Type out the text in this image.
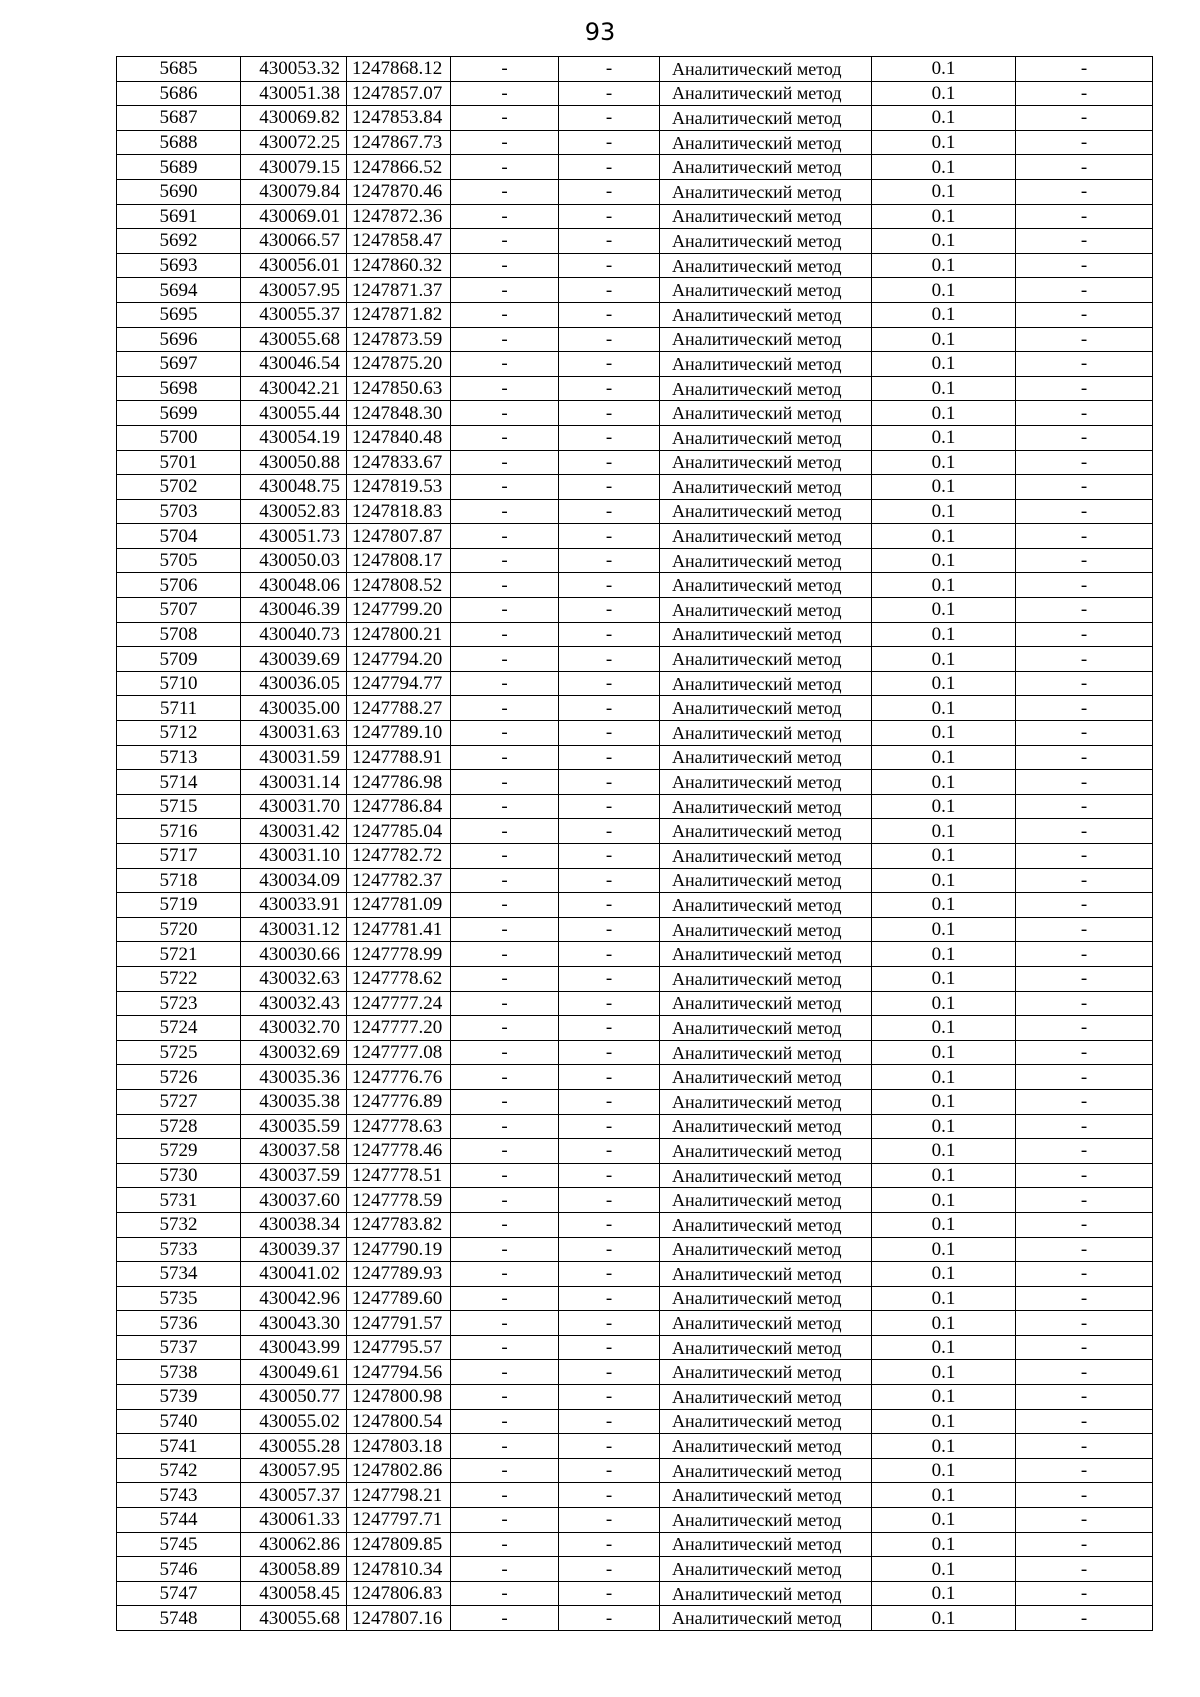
93
5685	430053.32	1247868.12	-	-	Аналитический метод	0.1	-
5686	430051.38	1247857.07	-	-	Аналитический метод	0.1	-
5687	430069.82	1247853.84	-	-	Аналитический метод	0.1	-
5688	430072.25	1247867.73	-	-	Аналитический метод	0.1	-
5689	430079.15	1247866.52	-	-	Аналитический метод	0.1	-
5690	430079.84	1247870.46	-	-	Аналитический метод	0.1	-
5691	430069.01	1247872.36	-	-	Аналитический метод	0.1	-
5692	430066.57	1247858.47	-	-	Аналитический метод	0.1	-
5693	430056.01	1247860.32	-	-	Аналитический метод	0.1	-
5694	430057.95	1247871.37	-	-	Аналитический метод	0.1	-
5695	430055.37	1247871.82	-	-	Аналитический метод	0.1	-
5696	430055.68	1247873.59	-	-	Аналитический метод	0.1	-
5697	430046.54	1247875.20	-	-	Аналитический метод	0.1	-
5698	430042.21	1247850.63	-	-	Аналитический метод	0.1	-
5699	430055.44	1247848.30	-	-	Аналитический метод	0.1	-
5700	430054.19	1247840.48	-	-	Аналитический метод	0.1	-
5701	430050.88	1247833.67	-	-	Аналитический метод	0.1	-
5702	430048.75	1247819.53	-	-	Аналитический метод	0.1	-
5703	430052.83	1247818.83	-	-	Аналитический метод	0.1	-
5704	430051.73	1247807.87	-	-	Аналитический метод	0.1	-
5705	430050.03	1247808.17	-	-	Аналитический метод	0.1	-
5706	430048.06	1247808.52	-	-	Аналитический метод	0.1	-
5707	430046.39	1247799.20	-	-	Аналитический метод	0.1	-
5708	430040.73	1247800.21	-	-	Аналитический метод	0.1	-
5709	430039.69	1247794.20	-	-	Аналитический метод	0.1	-
5710	430036.05	1247794.77	-	-	Аналитический метод	0.1	-
5711	430035.00	1247788.27	-	-	Аналитический метод	0.1	-
5712	430031.63	1247789.10	-	-	Аналитический метод	0.1	-
5713	430031.59	1247788.91	-	-	Аналитический метод	0.1	-
5714	430031.14	1247786.98	-	-	Аналитический метод	0.1	-
5715	430031.70	1247786.84	-	-	Аналитический метод	0.1	-
5716	430031.42	1247785.04	-	-	Аналитический метод	0.1	-
5717	430031.10	1247782.72	-	-	Аналитический метод	0.1	-
5718	430034.09	1247782.37	-	-	Аналитический метод	0.1	-
5719	430033.91	1247781.09	-	-	Аналитический метод	0.1	-
5720	430031.12	1247781.41	-	-	Аналитический метод	0.1	-
5721	430030.66	1247778.99	-	-	Аналитический метод	0.1	-
5722	430032.63	1247778.62	-	-	Аналитический метод	0.1	-
5723	430032.43	1247777.24	-	-	Аналитический метод	0.1	-
5724	430032.70	1247777.20	-	-	Аналитический метод	0.1	-
5725	430032.69	1247777.08	-	-	Аналитический метод	0.1	-
5726	430035.36	1247776.76	-	-	Аналитический метод	0.1	-
5727	430035.38	1247776.89	-	-	Аналитический метод	0.1	-
5728	430035.59	1247778.63	-	-	Аналитический метод	0.1	-
5729	430037.58	1247778.46	-	-	Аналитический метод	0.1	-
5730	430037.59	1247778.51	-	-	Аналитический метод	0.1	-
5731	430037.60	1247778.59	-	-	Аналитический метод	0.1	-
5732	430038.34	1247783.82	-	-	Аналитический метод	0.1	-
5733	430039.37	1247790.19	-	-	Аналитический метод	0.1	-
5734	430041.02	1247789.93	-	-	Аналитический метод	0.1	-
5735	430042.96	1247789.60	-	-	Аналитический метод	0.1	-
5736	430043.30	1247791.57	-	-	Аналитический метод	0.1	-
5737	430043.99	1247795.57	-	-	Аналитический метод	0.1	-
5738	430049.61	1247794.56	-	-	Аналитический метод	0.1	-
5739	430050.77	1247800.98	-	-	Аналитический метод	0.1	-
5740	430055.02	1247800.54	-	-	Аналитический метод	0.1	-
5741	430055.28	1247803.18	-	-	Аналитический метод	0.1	-
5742	430057.95	1247802.86	-	-	Аналитический метод	0.1	-
5743	430057.37	1247798.21	-	-	Аналитический метод	0.1	-
5744	430061.33	1247797.71	-	-	Аналитический метод	0.1	-
5745	430062.86	1247809.85	-	-	Аналитический метод	0.1	-
5746	430058.89	1247810.34	-	-	Аналитический метод	0.1	-
5747	430058.45	1247806.83	-	-	Аналитический метод	0.1	-
5748	430055.68	1247807.16	-	-	Аналитический метод	0.1	-
